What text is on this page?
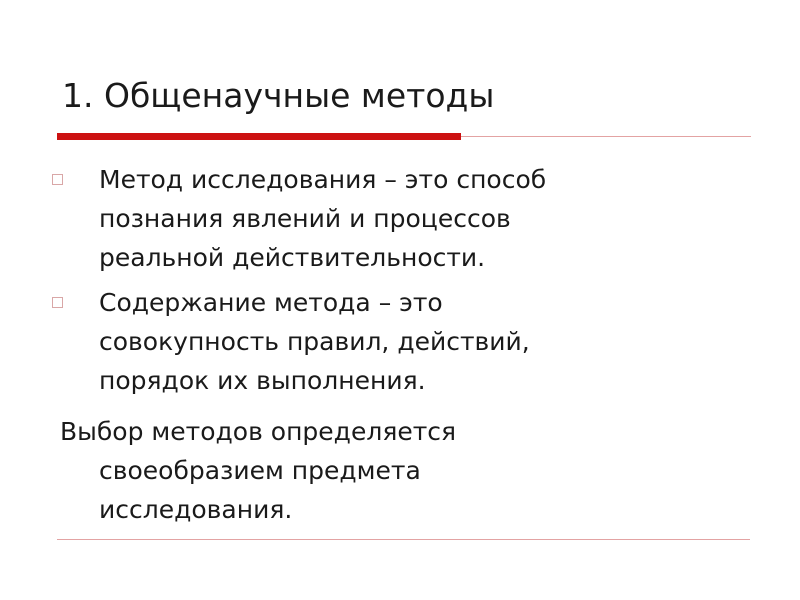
1. Общенаучные методы
Метод исследования – это способ
познания явлений и процессов
реальной действительности.
Содержание метода – это
совокупность правил, действий,
порядок их выполнения.
Выбор методов определяется
своеобразием предмета
исследования.
